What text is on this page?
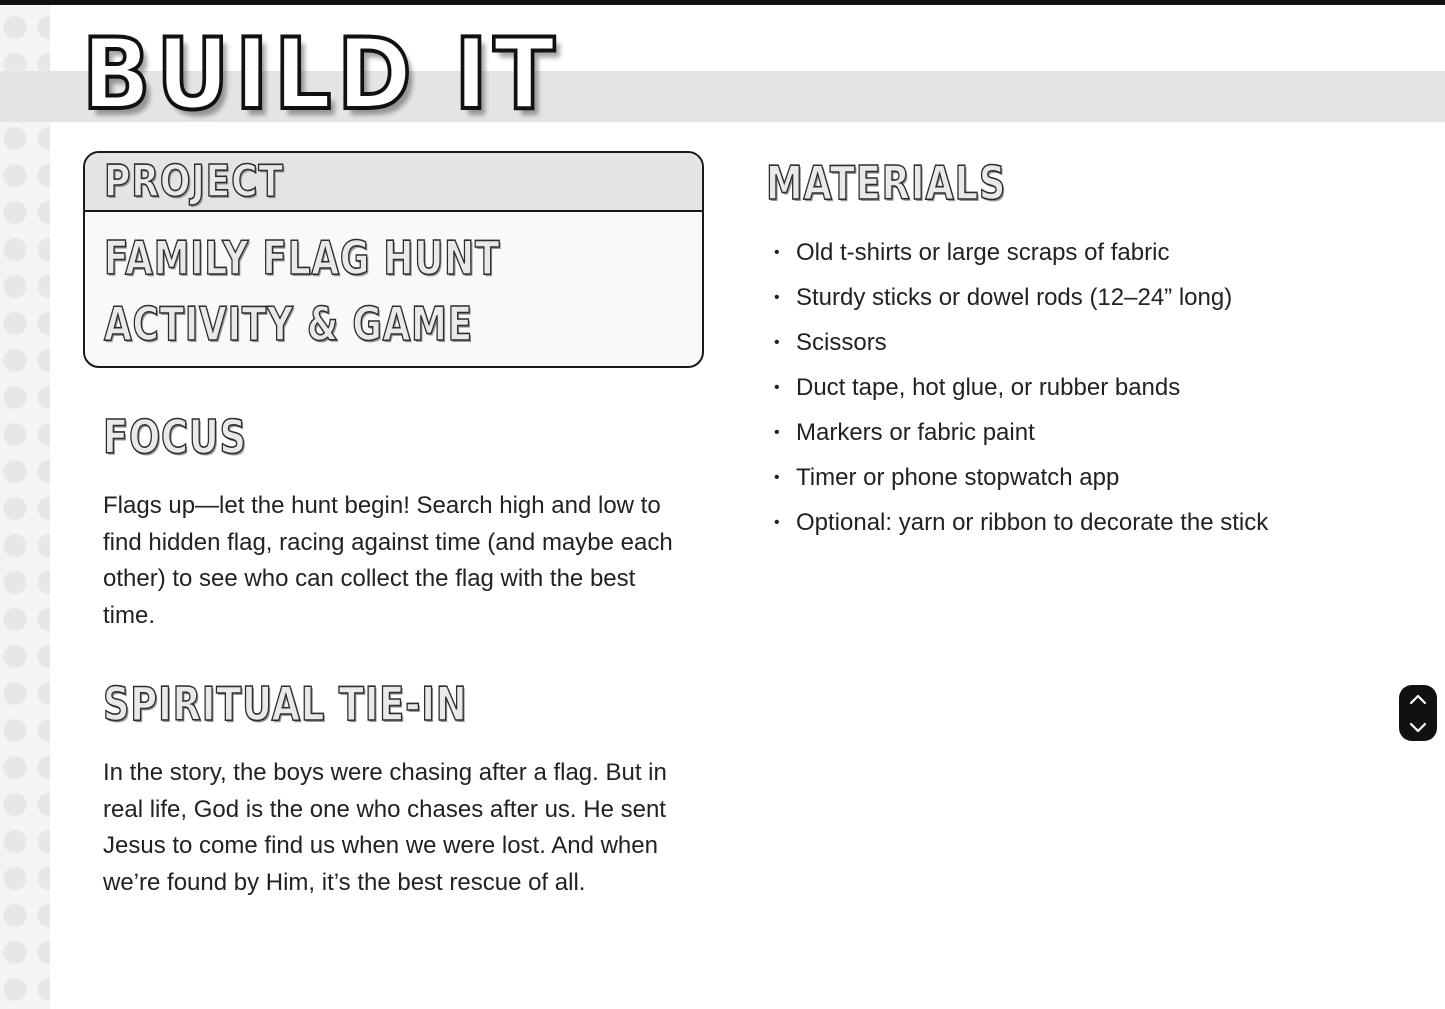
BUILD IT
PROJECT
FAMILY FLAG HUNT
ACTIVITY & GAME
FOCUS

Flags up—let the hunt begin! Search high and low to find hidden flag, racing against time (and maybe each other) to see who can collect the flag with the best time.

SPIRITUAL TIE-IN

In the story, the boys were chasing after a flag. But in real life, God is the one who chases after us. He sent Jesus to come find us when we were lost. And when we’re found by Him, it’s the best rescue of all.

MATERIALS
• Old t-shirts or large scraps of fabric
• Sturdy sticks or dowel rods (12–24” long)
• Scissors
• Duct tape, hot glue, or rubber bands
• Markers or fabric paint
• Timer or phone stopwatch app
• Optional: yarn or ribbon to decorate the stick
